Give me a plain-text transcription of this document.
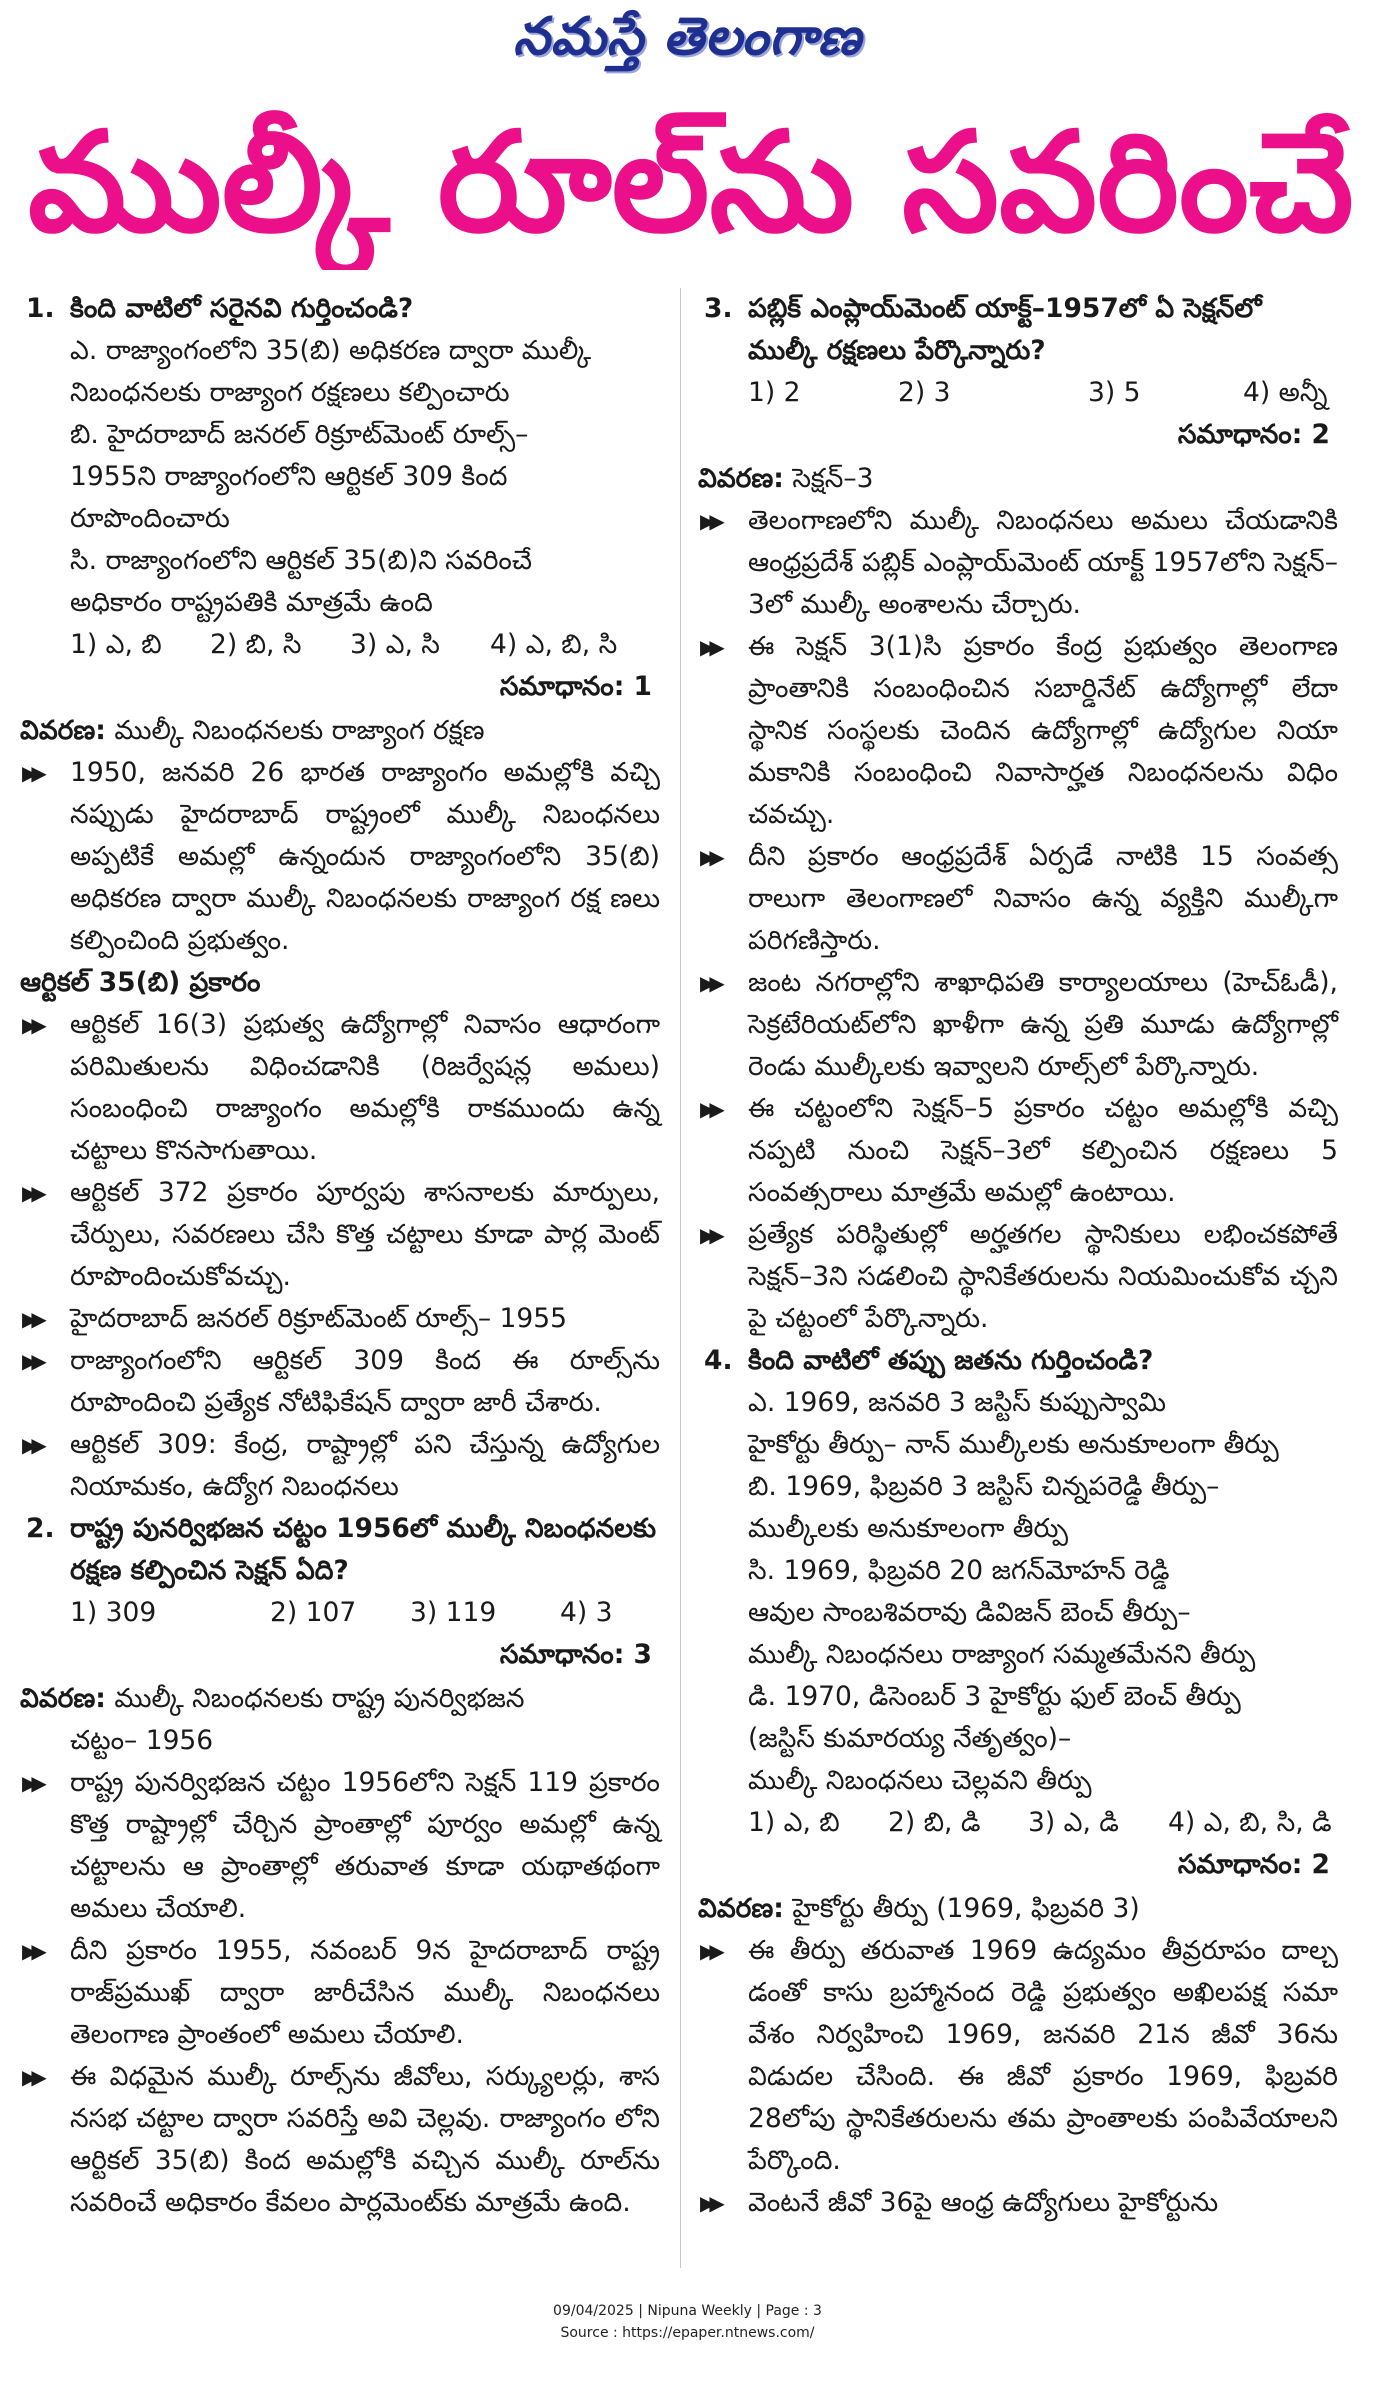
నమస్తే తెలంగాణ
ముల్కీ రూల్‌ను సవరించే
1. కింది వాటిలో సరైనవి గుర్తించండి?
ఎ. రాజ్యాంగంలోని 35(బి) అధికరణ ద్వారా ముల్కీ
నిబంధనలకు రాజ్యాంగ రక్షణలు కల్పించారు
బి. హైదరాబాద్ జనరల్ రిక్రూట్‌మెంట్ రూల్స్–
1955ని రాజ్యాంగంలోని ఆర్టికల్ 309 కింద
రూపొందించారు
సి. రాజ్యాంగంలోని ఆర్టికల్ 35(బి)ని సవరించే
అధికారం రాష్ట్రపతికి మాత్రమే ఉంది
1) ఎ, బి	2) బి, సి	3) ఎ, సి	4) ఎ, బి, సి
సమాధానం: 1
వివరణ: ముల్కీ నిబంధనలకు రాజ్యాంగ రక్షణ
▶▶	1950, జనవరి 26 భారత రాజ్యాంగం అమల్లోకి వచ్చి నప్పుడు హైదరాబాద్ రాష్ట్రంలో ముల్కీ నిబంధనలు అప్పటికే అమల్లో ఉన్నందున రాజ్యాంగంలోని 35(బి) అధికరణ ద్వారా ముల్కీ నిబంధనలకు రాజ్యాంగ రక్ష ణలు కల్పించింది ప్రభుత్వం.
ఆర్టికల్ 35(బి) ప్రకారం
▶▶	ఆర్టికల్ 16(3) ప్రభుత్వ ఉద్యోగాల్లో నివాసం ఆధారంగా పరిమితులను విధించడానికి (రిజర్వేషన్ల అమలు) సంబంధించి రాజ్యాంగం అమల్లోకి రాకముందు ఉన్న చట్టాలు కొనసాగుతాయి.
▶▶	ఆర్టికల్ 372 ప్రకారం పూర్వపు శాసనాలకు మార్పులు, చేర్పులు, సవరణలు చేసి కొత్త చట్టాలు కూడా పార్ల మెంట్ రూపొందించుకోవచ్చు.
▶▶	హైదరాబాద్ జనరల్ రిక్రూట్‌మెంట్ రూల్స్– 1955
▶▶	రాజ్యాంగంలోని ఆర్టికల్ 309 కింద ఈ రూల్స్‌ను రూపొందించి ప్రత్యేక నోటిఫికేషన్ ద్వారా జారీ చేశారు.
▶▶	ఆర్టికల్ 309: కేంద్ర, రాష్ట్రాల్లో పని చేస్తున్న ఉద్యోగుల నియామకం, ఉద్యోగ నిబంధనలు
2. రాష్ట్ర పునర్విభజన చట్టం 1956లో ముల్కీ నిబంధనలకు రక్షణ కల్పించిన సెక్షన్ ఏది?
1) 309	2) 107	3) 119	4) 3
సమాధానం: 3
వివరణ: ముల్కీ నిబంధనలకు రాష్ట్ర పునర్విభజన
చట్టం– 1956
▶▶	రాష్ట్ర పునర్విభజన చట్టం 1956లోని సెక్షన్ 119 ప్రకారం కొత్త రాష్ట్రాల్లో చేర్చిన ప్రాంతాల్లో పూర్వం అమల్లో ఉన్న చట్టాలను ఆ ప్రాంతాల్లో తరువాత కూడా యథాతథంగా అమలు చేయాలి.
▶▶	దీని ప్రకారం 1955, నవంబర్ 9న హైదరాబాద్ రాష్ట్ర రాజ్‌ప్రముఖ్ ద్వారా జారీచేసిన ముల్కీ నిబంధనలు తెలంగాణ ప్రాంతంలో అమలు చేయాలి.
▶▶	ఈ విధమైన ముల్కీ రూల్స్‌ను జీవోలు, సర్క్యులర్లు, శాస నసభ చట్టాల ద్వారా సవరిస్తే అవి చెల్లవు. రాజ్యాంగం లోని ఆర్టికల్ 35(బి) కింద అమల్లోకి వచ్చిన ముల్కీ రూల్‌ను సవరించే అధికారం కేవలం పార్లమెంట్‌కు మాత్రమే ఉంది.
3. పబ్లిక్ ఎంప్లాయ్‌మెంట్ యాక్ట్–1957లో ఏ సెక్షన్‌లో ముల్కీ రక్షణలు పేర్కొన్నారు?
1) 2	2) 3	3) 5	4) అన్నీ
సమాధానం: 2
వివరణ: సెక్షన్–3
▶▶	తెలంగాణలోని ముల్కీ నిబంధనలు అమలు చేయడానికి ఆంధ్రప్రదేశ్ పబ్లిక్ ఎంప్లాయ్‌మెంట్ యాక్ట్ 1957లోని సెక్షన్–3లో ముల్కీ అంశాలను చేర్చారు.
▶▶	ఈ సెక్షన్ 3(1)సి ప్రకారం కేంద్ర ప్రభుత్వం తెలంగాణ ప్రాంతానికి సంబంధించిన సబార్డినేట్ ఉద్యోగాల్లో లేదా స్థానిక సంస్థలకు చెందిన ఉద్యోగాల్లో ఉద్యోగుల నియా మకానికి సంబంధించి నివాసార్హత నిబంధనలను విధిం చవచ్చు.
▶▶	దీని ప్రకారం ఆంధ్రప్రదేశ్ ఏర్పడే నాటికి 15 సంవత్స రాలుగా తెలంగాణలో నివాసం ఉన్న వ్యక్తిని ముల్కీగా పరిగణిస్తారు.
▶▶	జంట నగరాల్లోని శాఖాధిపతి కార్యాలయాలు (హెచ్‌ఓడీ), సెక్రటేరియట్‌లోని ఖాళీగా ఉన్న ప్రతి మూడు ఉద్యోగాల్లో రెండు ముల్కీలకు ఇవ్వాలని రూల్స్‌లో పేర్కొన్నారు.
▶▶	ఈ చట్టంలోని సెక్షన్–5 ప్రకారం చట్టం అమల్లోకి వచ్చి నప్పటి నుంచి సెక్షన్–3లో కల్పించిన రక్షణలు 5 సంవత్సరాలు మాత్రమే అమల్లో ఉంటాయి.
▶▶	ప్రత్యేక పరిస్థితుల్లో అర్హతగల స్థానికులు లభించకపోతే సెక్షన్–3ని సడలించి స్థానికేతరులను నియమించుకోవ చ్చని పై చట్టంలో పేర్కొన్నారు.
4. కింది వాటిలో తప్పు జతను గుర్తించండి?
ఎ. 1969, జనవరి 3 జస్టిస్ కుప్పుస్వామి
హైకోర్టు తీర్పు– నాన్ ముల్కీలకు అనుకూలంగా తీర్పు
బి. 1969, ఫిబ్రవరి 3 జస్టిస్ చిన్నపరెడ్డి తీర్పు–
ముల్కీలకు అనుకూలంగా తీర్పు
సి. 1969, ఫిబ్రవరి 20 జగన్‌మోహన్ రెడ్డి
ఆవుల సాంబశివరావు డివిజన్ బెంచ్ తీర్పు–
ముల్కీ నిబంధనలు రాజ్యాంగ సమ్మతమేనని తీర్పు
డి. 1970, డిసెంబర్ 3 హైకోర్టు ఫుల్ బెంచ్ తీర్పు
(జస్టిస్ కుమారయ్య నేతృత్వం)–
ముల్కీ నిబంధనలు చెల్లవని తీర్పు
1) ఎ, బి	2) బి, డి	3) ఎ, డి	4) ఎ, బి, సి, డి
సమాధానం: 2
వివరణ: హైకోర్టు తీర్పు (1969, ఫిబ్రవరి 3)
▶▶	ఈ తీర్పు తరువాత 1969 ఉద్యమం తీవ్రరూపం దాల్చ డంతో కాసు బ్రహ్మానంద రెడ్డి ప్రభుత్వం అఖిలపక్ష సమా వేశం నిర్వహించి 1969, జనవరి 21న జీవో 36ను విడుదల చేసింది. ఈ జీవో ప్రకారం 1969, ఫిబ్రవరి 28లోపు స్థానికేతరులను తమ ప్రాంతాలకు పంపివేయాలని పేర్కొంది.
▶▶	వెంటనే జీవో 36పై ఆంధ్ర ఉద్యోగులు హైకోర్టును
09/04/2025 | Nipuna Weekly | Page : 3
Source : https://epaper.ntnews.com/
